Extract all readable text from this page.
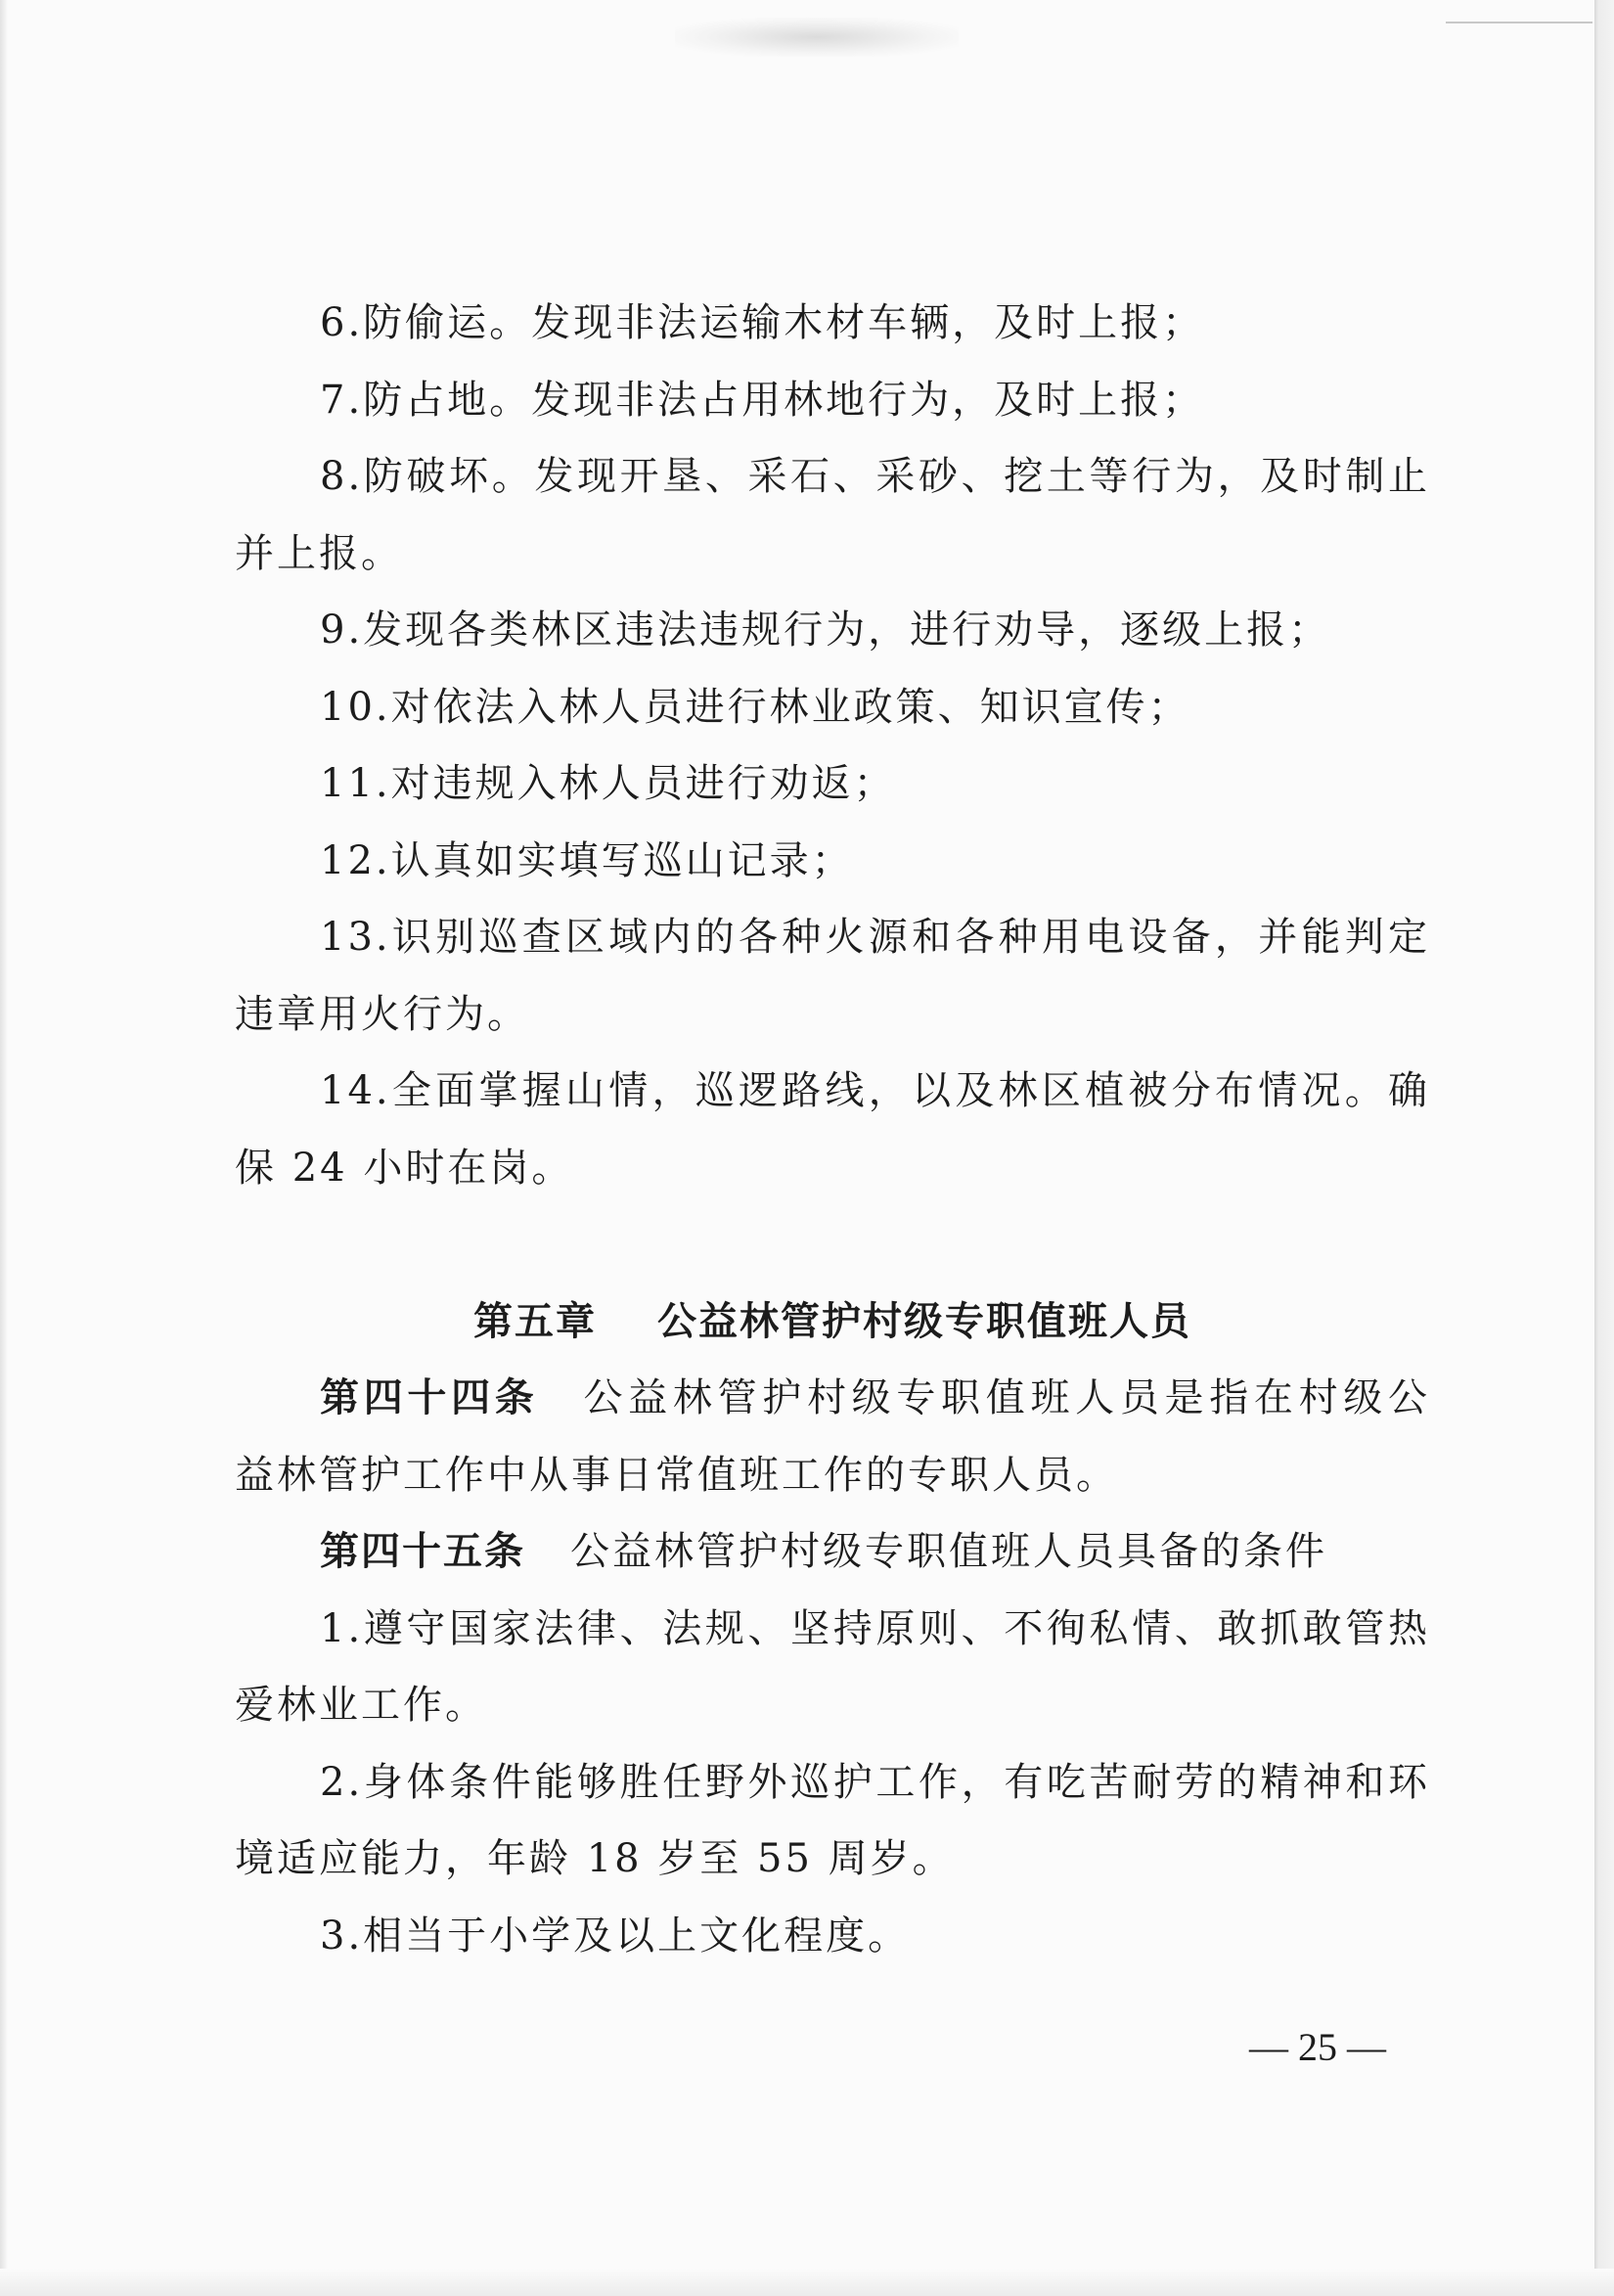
6.防偷运。发现非法运输木材车辆，及时上报；
7.防占地。发现非法占用林地行为，及时上报；
8.防破坏。发现开垦、采石、采砂、挖土等行为，及时制止
并上报。
9.发现各类林区违法违规行为，进行劝导，逐级上报；
10.对依法入林人员进行林业政策、知识宣传；
11.对违规入林人员进行劝返；
12.认真如实填写巡山记录；
13.识别巡查区域内的各种火源和各种用电设备，并能判定
违章用火行为。
14.全面掌握山情，巡逻路线，以及林区植被分布情况。确
保 24 小时在岗。
第五章 公益林管护村级专职值班人员
第四十四条 公益林管护村级专职值班人员是指在村级公
益林管护工作中从事日常值班工作的专职人员。
第四十五条 公益林管护村级专职值班人员具备的条件
1.遵守国家法律、法规、坚持原则、不徇私情、敢抓敢管热
爱林业工作。
2.身体条件能够胜任野外巡护工作，有吃苦耐劳的精神和环
境适应能力，年龄 18 岁至 55 周岁。
3.相当于小学及以上文化程度。
— 25 —
